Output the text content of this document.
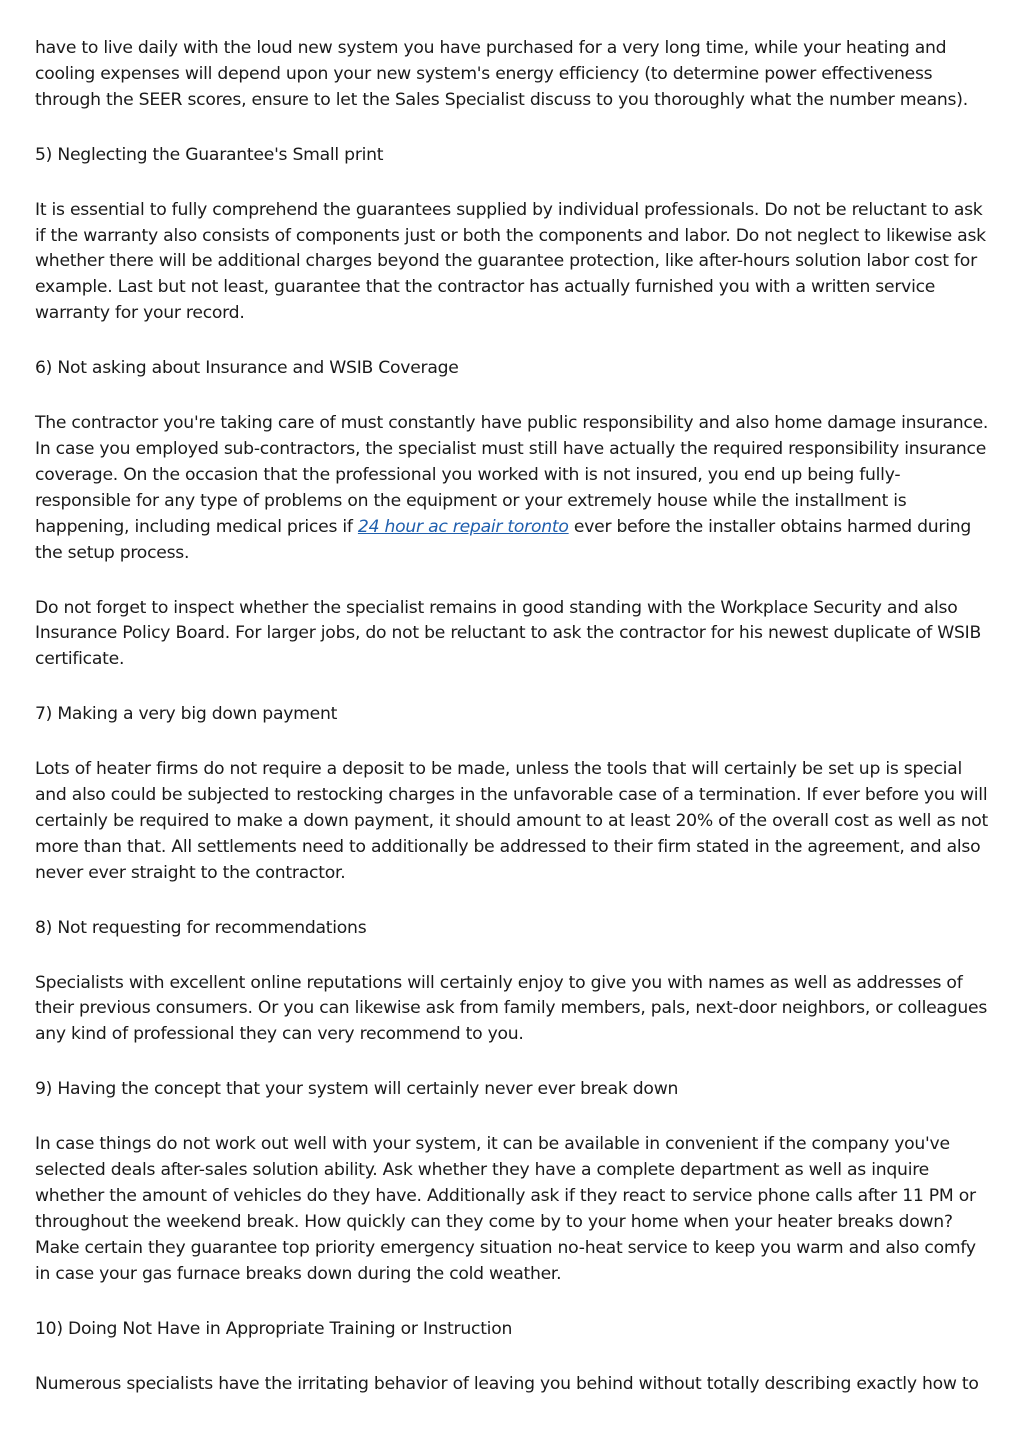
have to live daily with the loud new system you have purchased for a very long time, while your heating and cooling expenses will depend upon your new system's energy efficiency (to determine power effectiveness through the SEER scores, ensure to let the Sales Specialist discuss to you thoroughly what the number means).

5) Neglecting the Guarantee's Small print

It is essential to fully comprehend the guarantees supplied by individual professionals. Do not be reluctant to ask if the warranty also consists of components just or both the components and labor. Do not neglect to likewise ask whether there will be additional charges beyond the guarantee protection, like after-hours solution labor cost for example. Last but not least, guarantee that the contractor has actually furnished you with a written service warranty for your record.

6) Not asking about Insurance and WSIB Coverage

The contractor you're taking care of must constantly have public responsibility and also home damage insurance. In case you employed sub-contractors, the specialist must still have actually the required responsibility insurance coverage. On the occasion that the professional you worked with is not insured, you end up being fully-responsible for any type of problems on the equipment or your extremely house while the installment is happening, including medical prices if 24 hour ac repair toronto ever before the installer obtains harmed during the setup process.

Do not forget to inspect whether the specialist remains in good standing with the Workplace Security and also Insurance Policy Board. For larger jobs, do not be reluctant to ask the contractor for his newest duplicate of WSIB certificate.

7) Making a very big down payment

Lots of heater firms do not require a deposit to be made, unless the tools that will certainly be set up is special and also could be subjected to restocking charges in the unfavorable case of a termination. If ever before you will certainly be required to make a down payment, it should amount to at least 20% of the overall cost as well as not more than that. All settlements need to additionally be addressed to their firm stated in the agreement, and also never ever straight to the contractor.

8) Not requesting for recommendations

Specialists with excellent online reputations will certainly enjoy to give you with names as well as addresses of their previous consumers. Or you can likewise ask from family members, pals, next-door neighbors, or colleagues any kind of professional they can very recommend to you.

9) Having the concept that your system will certainly never ever break down

In case things do not work out well with your system, it can be available in convenient if the company you've selected deals after-sales solution ability. Ask whether they have a complete department as well as inquire whether the amount of vehicles do they have. Additionally ask if they react to service phone calls after 11 PM or throughout the weekend break. How quickly can they come by to your home when your heater breaks down? Make certain they guarantee top priority emergency situation no-heat service to keep you warm and also comfy in case your gas furnace breaks down during the cold weather.

10) Doing Not Have in Appropriate Training or Instruction

Numerous specialists have the irritating behavior of leaving you behind without totally describing exactly how to
